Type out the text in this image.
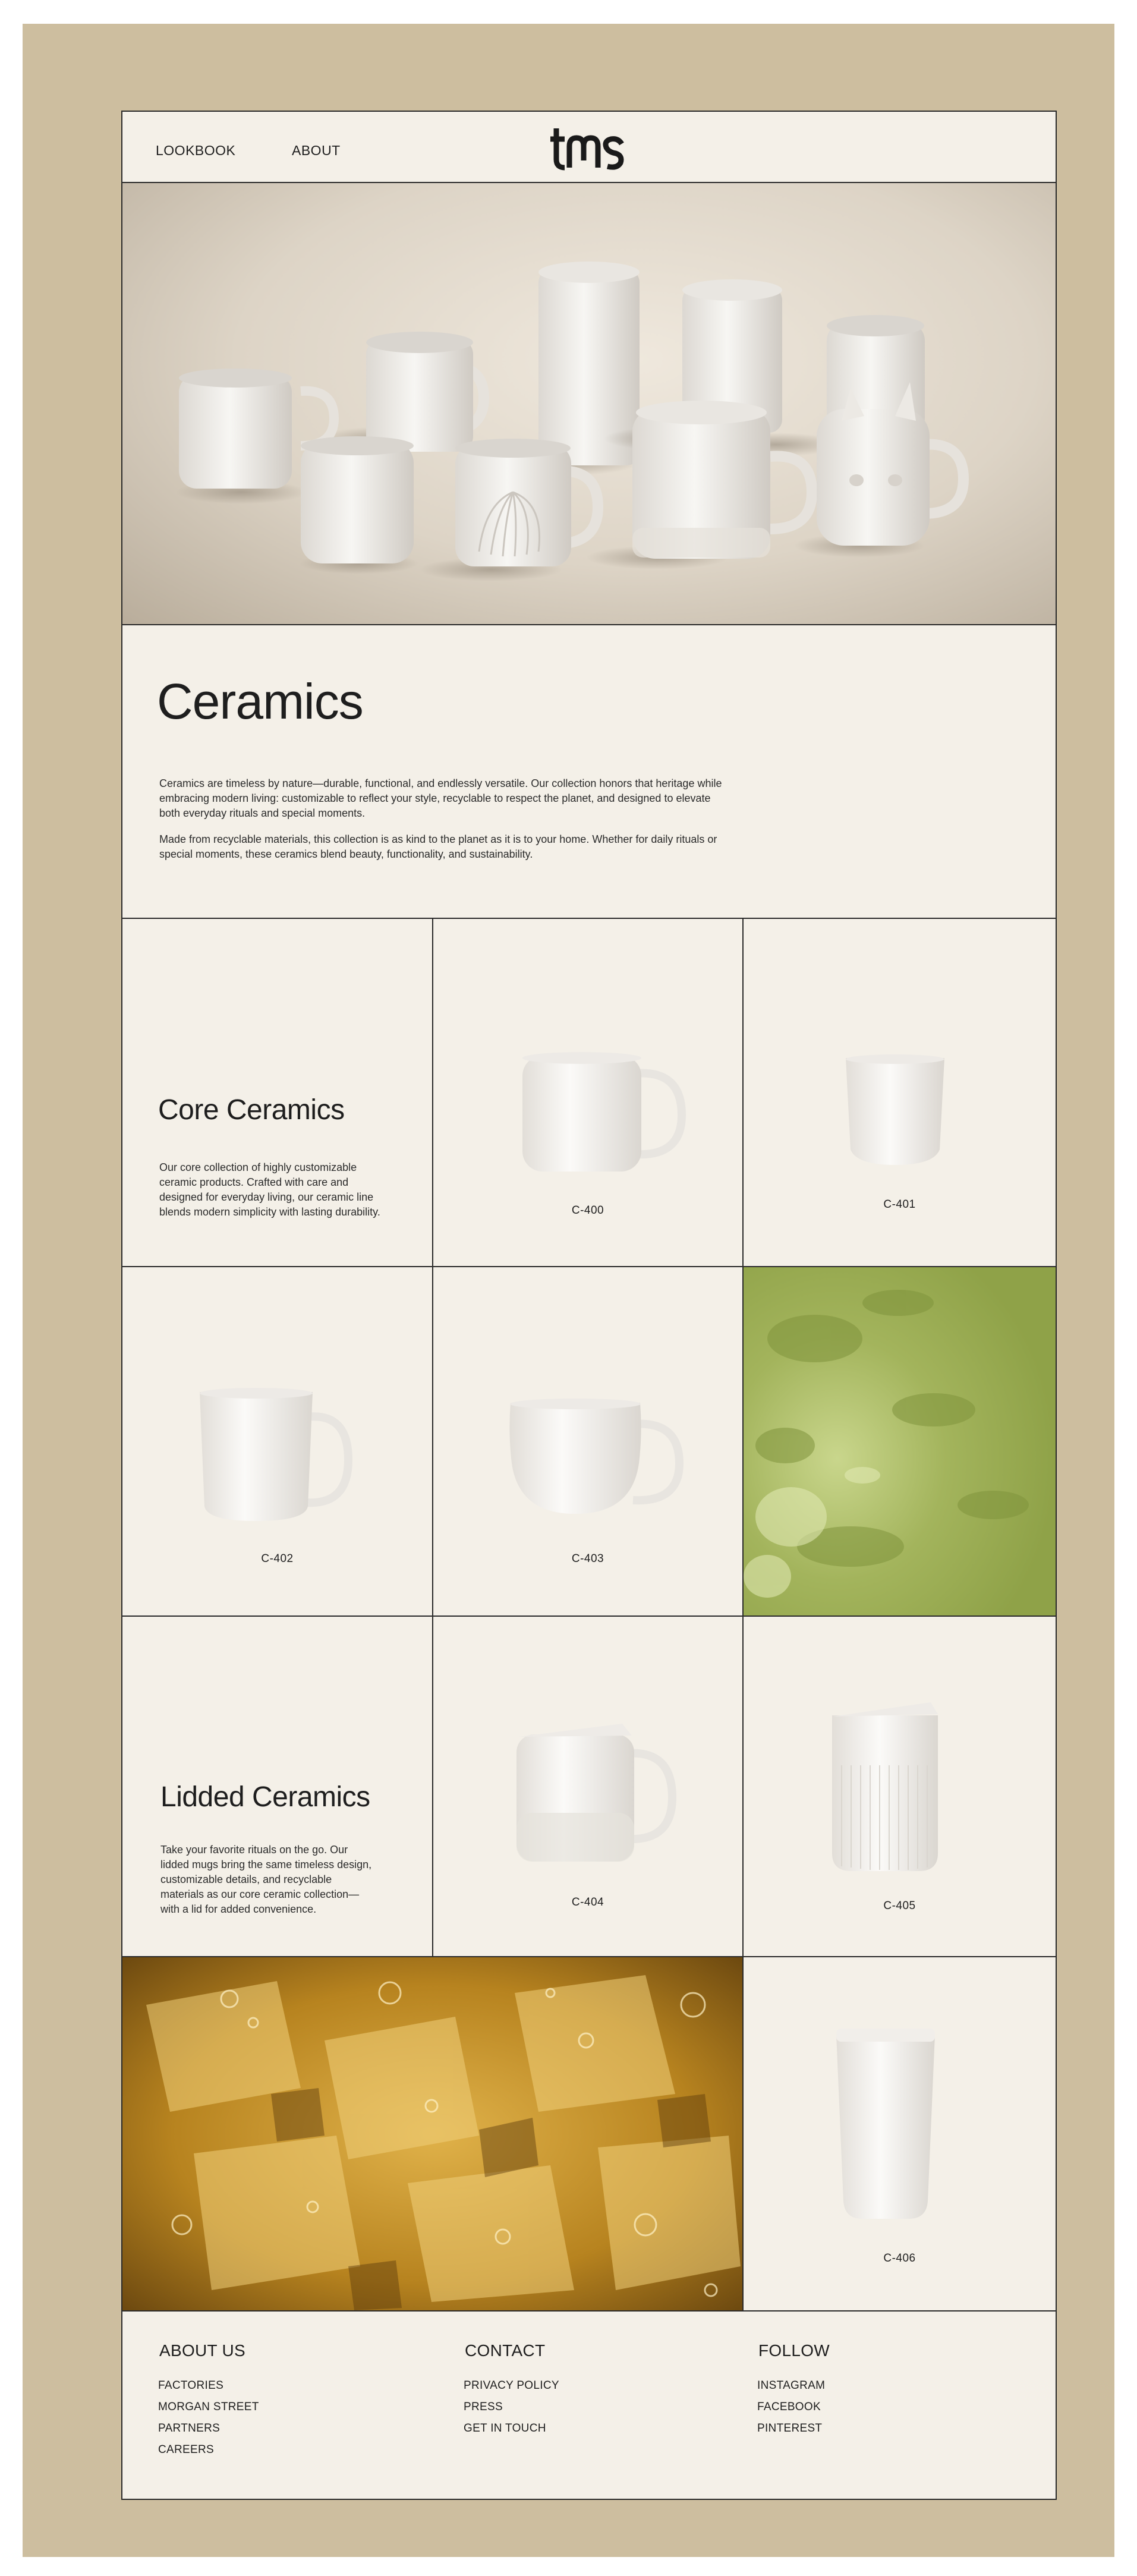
LOOKBOOK	ABOUT
Ceramics

Ceramics are timeless by nature—durable, functional, and endlessly versatile. Our collection honors that heritage while embracing modern living: customizable to reflect your style, recyclable to respect the planet, and designed to elevate both everyday rituals and special moments.

Made from recyclable materials, this collection is as kind to the planet as it is to your home. Whether for daily rituals or special moments, these ceramics blend beauty, functionality, and sustainability.

Core Ceramics

Our core collection of highly customizable ceramic products. Crafted with care and designed for everyday living, our ceramic line blends modern simplicity with lasting durability.	C-400	C-401
C-402	C-403
Lidded Ceramics

Take your favorite rituals on the go. Our lidded mugs bring the same timeless design, customizable details, and recyclable materials as our core ceramic collection—with a lid for added convenience.

C-404	C-405
C-406
ABOUT US
FACTORIES
MORGAN STREET
PARTNERS
CAREERS
CONTACT
PRIVACY POLICY
PRESS
GET IN TOUCH
FOLLOW
INSTAGRAM
FACEBOOK
PINTEREST
